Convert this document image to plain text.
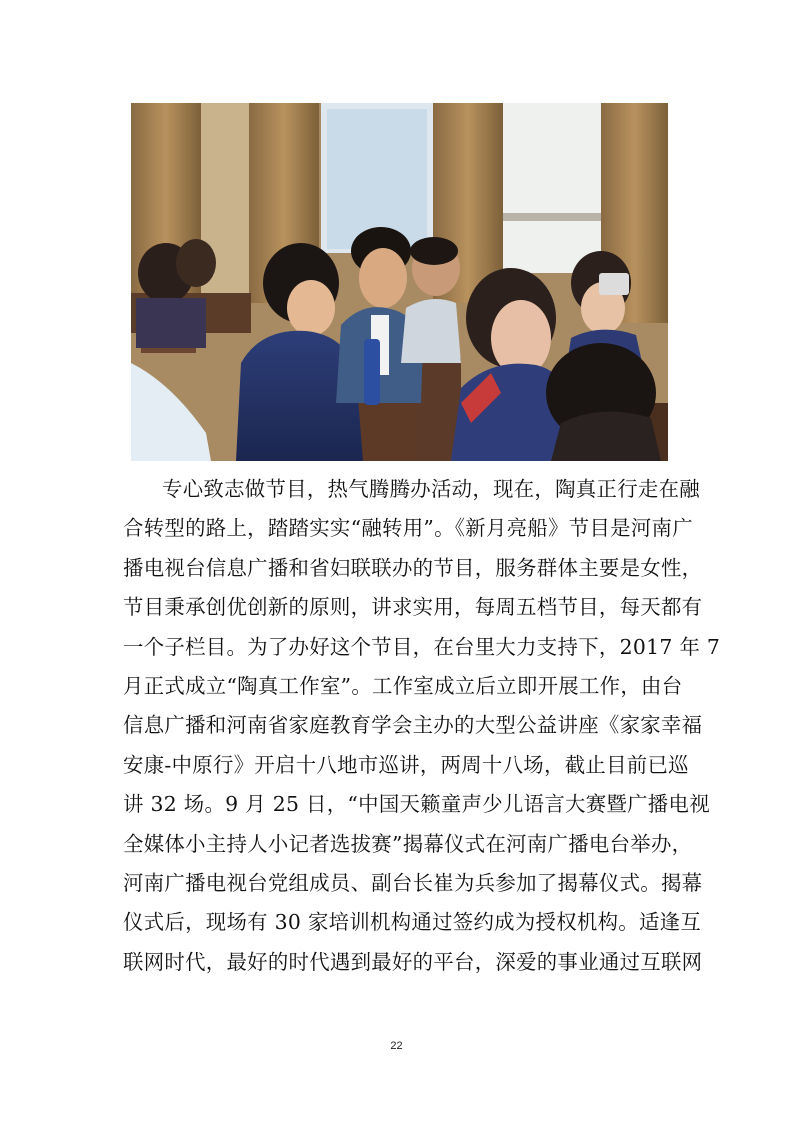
专心致志做节目，热气腾腾办活动，现在，陶真正行走在融
合转型的路上，踏踏实实“融转用”。《新月亮船》节目是河南广
播电视台信息广播和省妇联联办的节目，服务群体主要是女性，
节目秉承创优创新的原则，讲求实用，每周五档节目，每天都有
一个子栏目。为了办好这个节目，在台里大力支持下，2017 年 7
月正式成立“陶真工作室”。工作室成立后立即开展工作，由台
信息广播和河南省家庭教育学会主办的大型公益讲座《家家幸福
安康-中原行》开启十八地市巡讲，两周十八场，截止目前已巡
讲 32 场。9 月 25 日，“中国天籁童声少儿语言大赛暨广播电视
全媒体小主持人小记者选拔赛”揭幕仪式在河南广播电台举办，
河南广播电视台党组成员、副台长崔为兵参加了揭幕仪式。揭幕
仪式后，现场有 30 家培训机构通过签约成为授权机构。适逢互
联网时代，最好的时代遇到最好的平台，深爱的事业通过互联网

22
